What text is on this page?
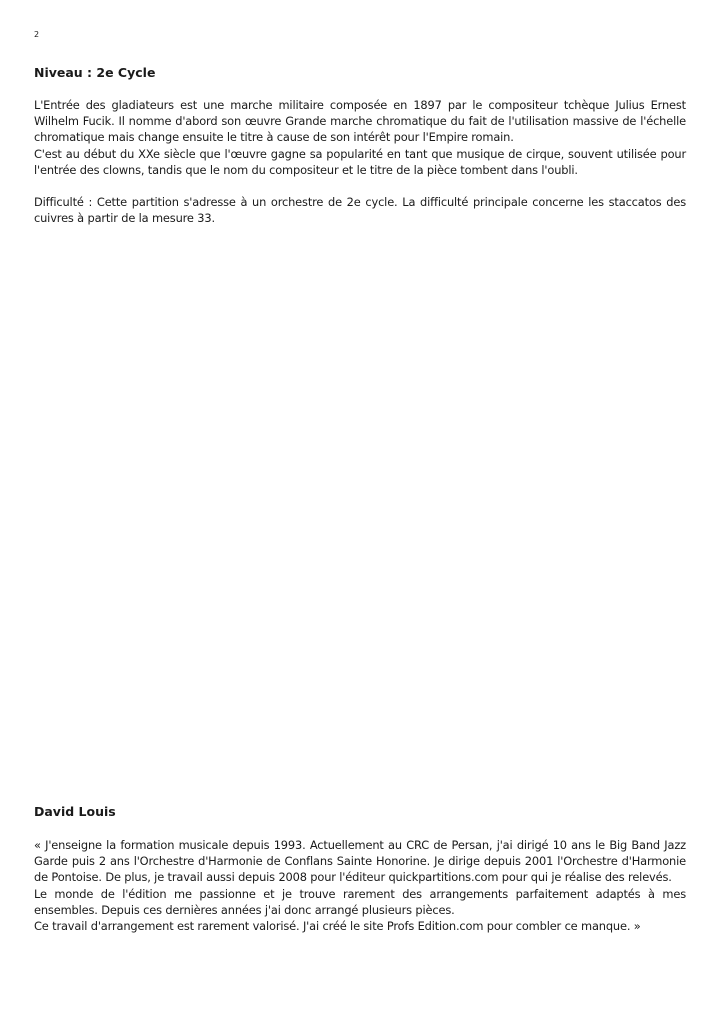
2
Niveau : 2e Cycle

L'Entrée des gladiateurs est une marche militaire composée en 1897 par le compositeur tchèque Julius Ernest Wilhelm Fucik. Il nomme d'abord son œuvre Grande marche chromatique du fait de l'utilisation massive de l'échelle chromatique mais change ensuite le titre à cause de son intérêt pour l'Empire romain.

C'est au début du XXe siècle que l'œuvre gagne sa popularité en tant que musique de cirque, souvent utilisée pour l'entrée des clowns, tandis que le nom du compositeur et le titre de la pièce tombent dans l'oubli.

Difficulté : Cette partition s'adresse à un orchestre de 2e cycle. La difficulté principale concerne les staccatos des cuivres à partir de la mesure 33.

David Louis

« J'enseigne la formation musicale depuis 1993. Actuellement au CRC de Persan, j'ai dirigé 10 ans le Big Band Jazz Garde puis 2 ans l'Orchestre d'Harmonie de Conflans Sainte Honorine. Je dirige depuis 2001 l'Orchestre d'Harmonie de Pontoise. De plus, je travail aussi depuis 2008 pour l'éditeur quickpartitions.com pour qui je réalise des relevés.

Le monde de l'édition me passionne et je trouve rarement des arrangements parfaitement adaptés à mes ensembles. Depuis ces dernières années j'ai donc arrangé plusieurs pièces.

Ce travail d'arrangement est rarement valorisé. J'ai créé le site Profs Edition.com pour combler ce manque. »
